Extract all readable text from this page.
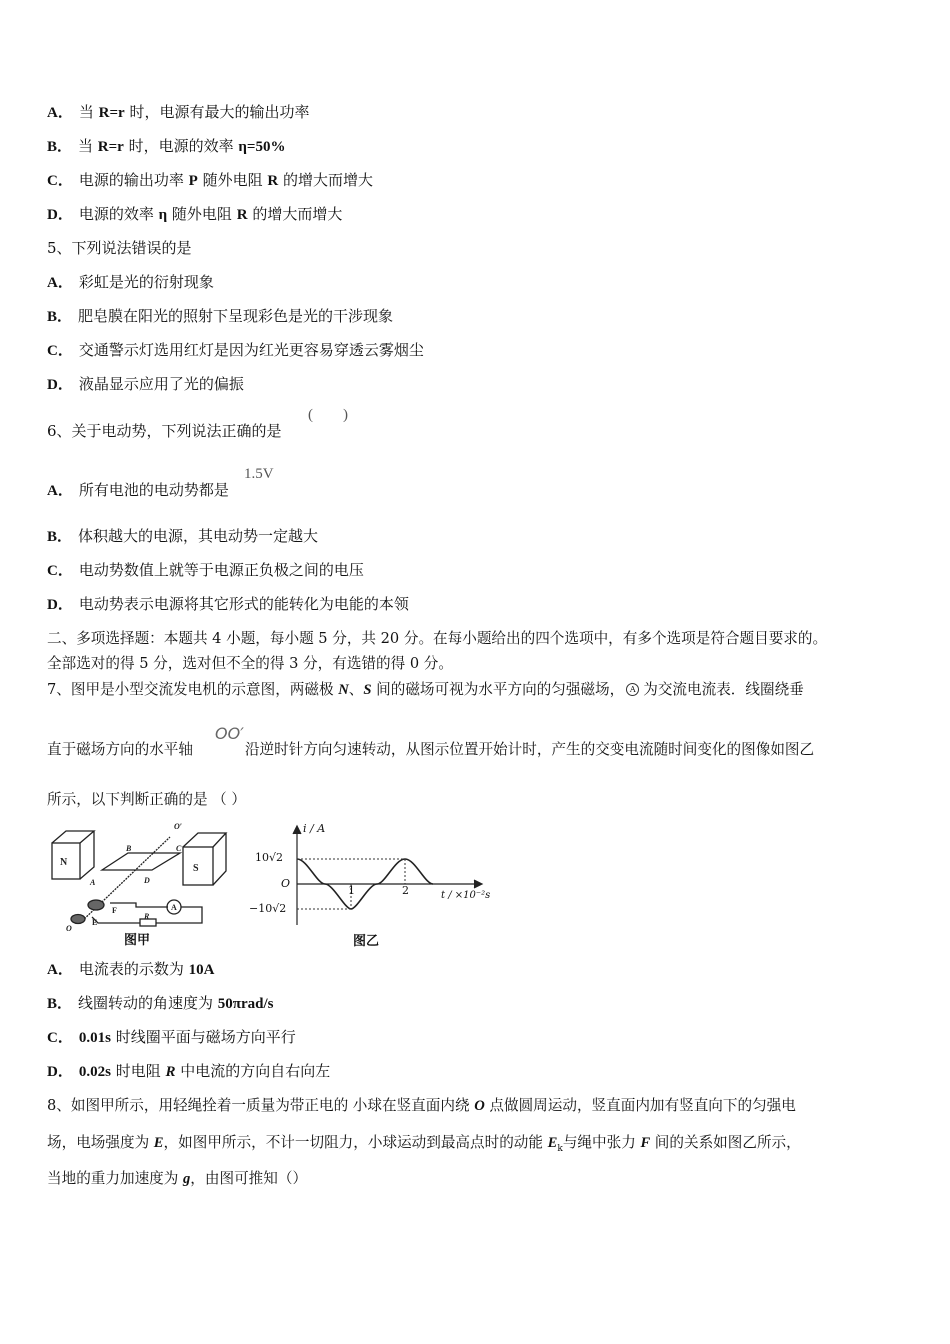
A． 当 R=r 时，电源有最大的输出功率
B． 当 R=r 时，电源的效率 η=50%
C． 电源的输出功率 P 随外电阻 R 的增大而增大
D． 电源的效率 η 随外电阻 R 的增大而增大
5、下列说法错误的是
A． 彩虹是光的衍射现象
B． 肥皂膜在阳光的照射下呈现彩色是光的干涉现象
C． 交通警示灯选用红灯是因为红光更容易穿透云雾烟尘
D． 液晶显示应用了光的偏振
6、关于电动势，下列说法正确的是
(        )
A． 所有电池的电动势都是
1.5V
B． 体积越大的电源，其电动势一定越大
C． 电动势数值上就等于电源正负极之间的电压
D． 电动势表示电源将其它形式的能转化为电能的本领
二、多项选择题：本题共 4 小题，每小题 5 分，共 20 分。在每小题给出的四个选项中，有多个选项是符合题目要求的。
全部选对的得 5 分，选对但不全的得 3 分，有选错的得 0 分。
7、图甲是小型交流发电机的示意图，两磁极 N、S 间的磁场可视为水平方向的匀强磁场， A 为交流电流表．线圈绕垂
直于磁场方向的水平轴	沿逆时针方向匀速转动，从图示位置开始计时，产生的交变电流随时间变化的图像如图乙
OO′
所示，以下判断正确的是 （ ）
N
S
A
B	C
D
O′
O
E
F
R
A
图甲
i / A
10√2
O
−10√2
1	2	t / ×10⁻²s
图乙
A． 电流表的示数为 10A
B． 线圈转动的角速度为 50πrad/s
C． 0.01s 时线圈平面与磁场方向平行
D． 0.02s 时电阻 R 中电流的方向自右向左
8、如图甲所示，用轻绳拴着一质量为带正电的 小球在竖直面内绕 O 点做圆周运动，竖直面内加有竖直向下的匀强电
场，电场强度为 E，如图甲所示，不计一切阻力，小球运动到最高点时的动能 $E_k$与绳中张力 F 间的关系如图乙所示，
当地的重力加速度为 g，由图可推知（）
